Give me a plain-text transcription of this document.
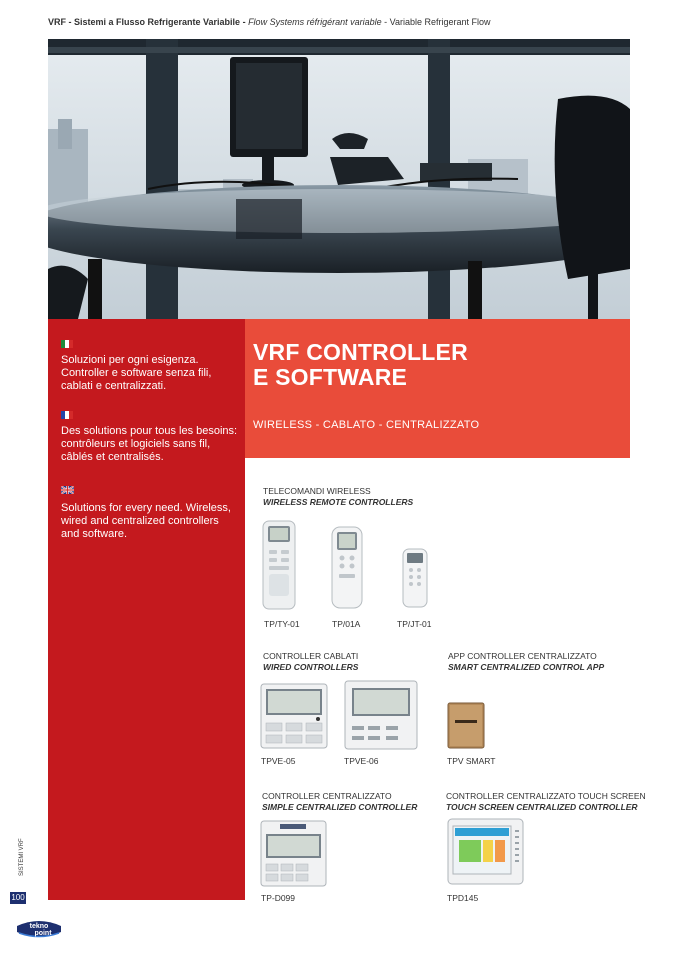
VRF - Sistemi a Flusso Refrigerante Variabile - Flow Systems réfrigérant variable - Variable Refrigerant Flow
Soluzioni per ogni esigenza. Controller e software senza fili, cablati e centralizzati.
Des solutions pour tous les besoins: contrôleurs et logiciels sans fil, câblés et centralisés.
Solutions for every need. Wireless, wired and centralized controllers and software.
VRF CONTROLLER
E SOFTWARE
WIRELESS - CABLATO - CENTRALIZZATO
TELECOMANDI WIRELESS
WIRELESS REMOTE CONTROLLERS
TP/TY-01	TP/01A	TP/JT-01
CONTROLLER CABLATI
WIRED CONTROLLERS
APP CONTROLLER CENTRALIZZATO
SMART CENTRALIZED CONTROL APP
TPVE-05	TPVE-06	TPV SMART
CONTROLLER CENTRALIZZATO
SIMPLE CENTRALIZED CONTROLLER
CONTROLLER CENTRALIZZATO TOUCH SCREEN
TOUCH SCREEN CENTRALIZED CONTROLLER
TP-D099	TPD145
SISTEMI VRF
100
tekno
point
